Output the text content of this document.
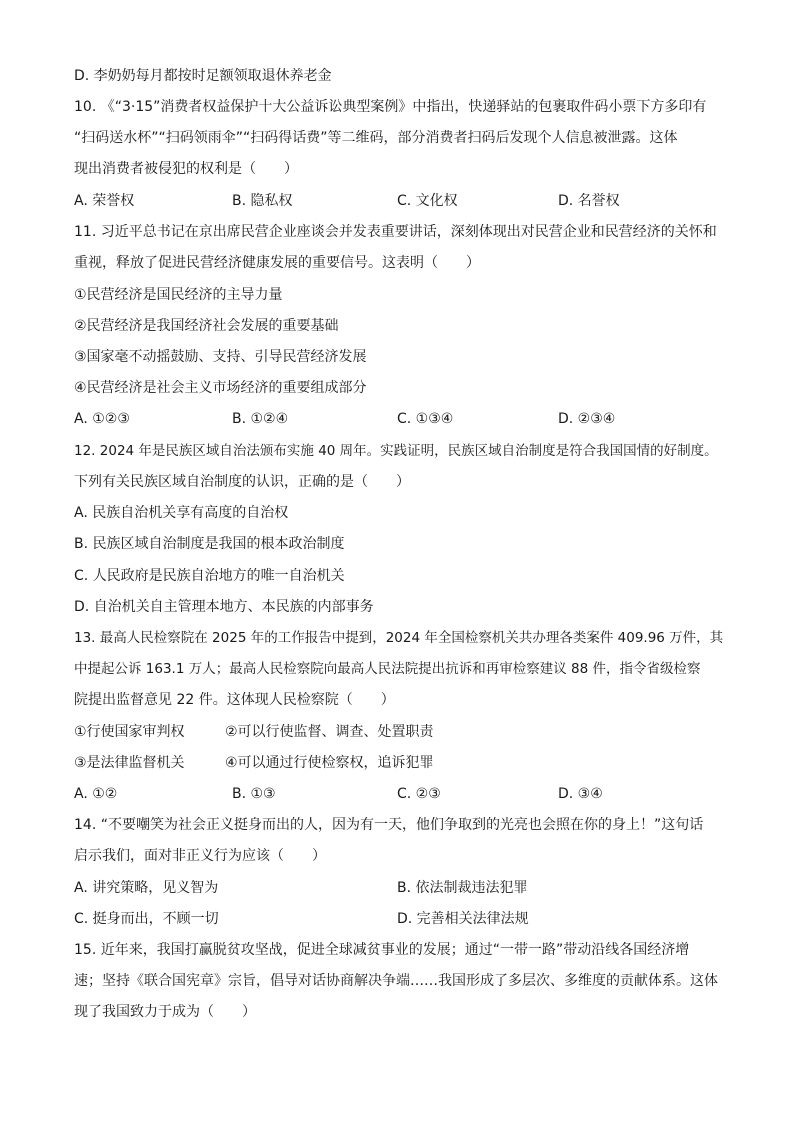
D. 李奶奶每月都按时足额领取退休养老金
10. 《“3·15”消费者权益保护十大公益诉讼典型案例》中指出，快递驿站的包裹取件码小票下方多印有
“扫码送水杯”“扫码领雨伞”“扫码得话费”等二维码，部分消费者扫码后发现个人信息被泄露。这体
现出消费者被侵犯的权利是（　　）
A. 荣誉权	B. 隐私权	C. 文化权	D. 名誉权
11. 习近平总书记在京出席民营企业座谈会并发表重要讲话，深刻体现出对民营企业和民营经济的关怀和
重视，释放了促进民营经济健康发展的重要信号。这表明（　　）
①民营经济是国民经济的主导力量
②民营经济是我国经济社会发展的重要基础
③国家毫不动摇鼓励、支持、引导民营经济发展
④民营经济是社会主义市场经济的重要组成部分
A. ①②③	B. ①②④	C. ①③④	D. ②③④
12. 2024 年是民族区域自治法颁布实施 40 周年。实践证明，民族区域自治制度是符合我国国情的好制度。
下列有关民族区域自治制度的认识，正确的是（　　）
A. 民族自治机关享有高度的自治权
B. 民族区域自治制度是我国的根本政治制度
C. 人民政府是民族自治地方的唯一自治机关
D. 自治机关自主管理本地方、本民族的内部事务
13. 最高人民检察院在 2025 年的工作报告中提到，2024 年全国检察机关共办理各类案件 409.96 万件，其
中提起公诉 163.1 万人；最高人民检察院向最高人民法院提出抗诉和再审检察建议 88 件，指令省级检察
院提出监督意见 22 件。这体现人民检察院（　　）
①行使国家审判权	②可以行使监督、调查、处置职责
③是法律监督机关	④可以通过行使检察权，追诉犯罪
A. ①②	B. ①③	C. ②③	D. ③④
14. “不要嘲笑为社会正义挺身而出的人，因为有一天，他们争取到的光亮也会照在你的身上！”这句话
启示我们，面对非正义行为应该（　　）
A. 讲究策略，见义智为	B. 依法制裁违法犯罪
C. 挺身而出，不顾一切	D. 完善相关法律法规
15. 近年来，我国打赢脱贫攻坚战，促进全球减贫事业的发展；通过“一带一路”带动沿线各国经济增
速；坚持《联合国宪章》宗旨，倡导对话协商解决争端……我国形成了多层次、多维度的贡献体系。这体
现了我国致力于成为（　　）
